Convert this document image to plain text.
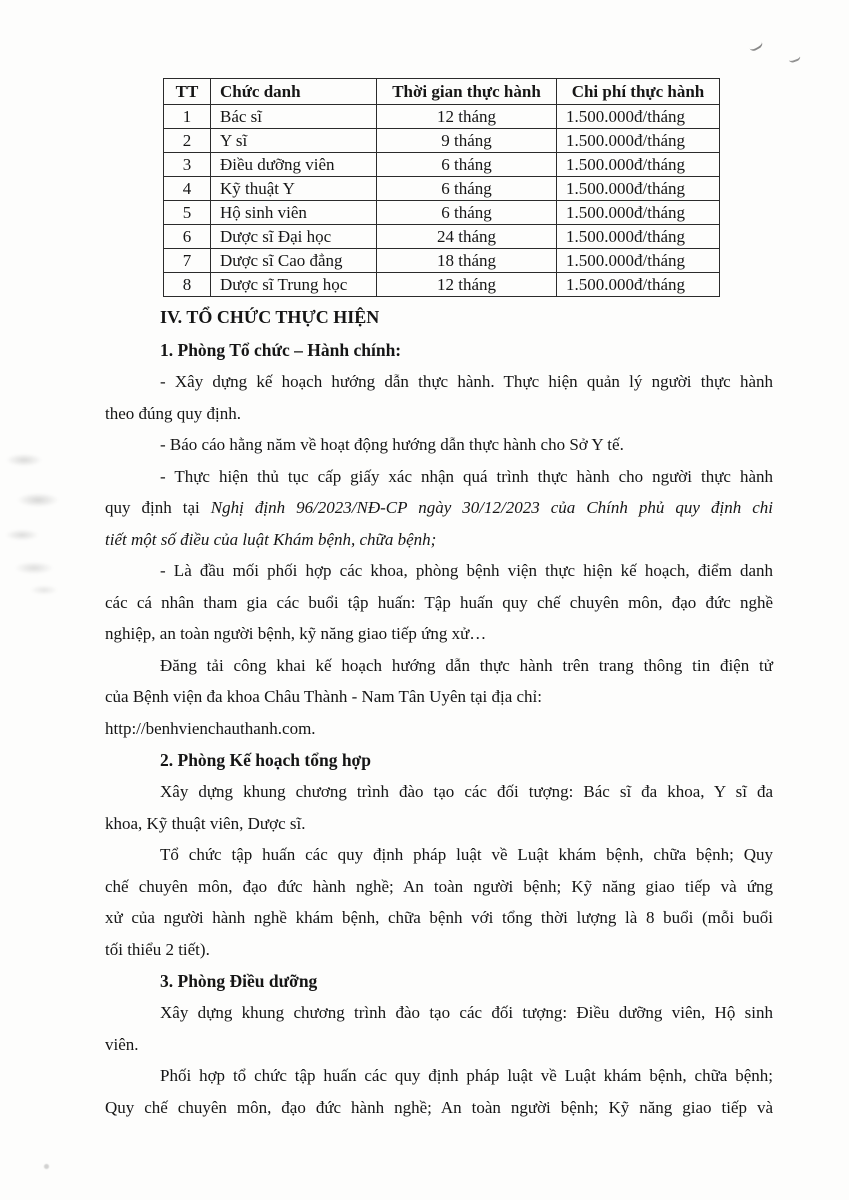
TT	Chức danh	Thời gian thực hành	Chi phí thực hành
1	Bác sĩ	12 tháng	1.500.000đ/tháng
2	Y sĩ	9 tháng	1.500.000đ/tháng
3	Điều dưỡng viên	6 tháng	1.500.000đ/tháng
4	Kỹ thuật Y	6 tháng	1.500.000đ/tháng
5	Hộ sinh viên	6 tháng	1.500.000đ/tháng
6	Dược sĩ Đại học	24 tháng	1.500.000đ/tháng
7	Dược sĩ Cao đẳng	18 tháng	1.500.000đ/tháng
8	Dược sĩ Trung học	12 tháng	1.500.000đ/tháng
IV. TỔ CHỨC THỰC HIỆN
1. Phòng Tổ chức – Hành chính:
- Xây dựng kế hoạch hướng dẫn thực hành. Thực hiện quản lý người thực hành
theo đúng quy định.
- Báo cáo hằng năm về hoạt động hướng dẫn thực hành cho Sở Y tế.
- Thực hiện thủ tục cấp giấy xác nhận quá trình thực hành cho người thực hành
quy định tại Nghị định 96/2023/NĐ-CP ngày 30/12/2023 của Chính phủ quy định chi
tiết một số điều của luật Khám bệnh, chữa bệnh;
- Là đầu mối phối hợp các khoa, phòng bệnh viện thực hiện kế hoạch, điểm danh
các cá nhân tham gia các buổi tập huấn: Tập huấn quy chế chuyên môn, đạo đức nghề
nghiệp, an toàn người bệnh, kỹ năng giao tiếp ứng xử…
Đăng tải công khai kế hoạch hướng dẫn thực hành trên trang thông tin điện tử
của Bệnh viện đa khoa Châu Thành - Nam Tân Uyên tại địa chỉ:
http://benhvienchauthanh.com.
2. Phòng Kế hoạch tổng hợp
Xây dựng khung chương trình đào tạo các đối tượng: Bác sĩ đa khoa, Y sĩ đa
khoa, Kỹ thuật viên, Dược sĩ.
Tổ chức tập huấn các quy định pháp luật về Luật khám bệnh, chữa bệnh; Quy
chế chuyên môn, đạo đức hành nghề; An toàn người bệnh; Kỹ năng giao tiếp và ứng
xử của người hành nghề khám bệnh, chữa bệnh với tổng thời lượng là 8 buổi (mỗi buổi
tối thiểu 2 tiết).
3. Phòng Điều dưỡng
Xây dựng khung chương trình đào tạo các đối tượng: Điều dưỡng viên, Hộ sinh
viên.
Phối hợp tổ chức tập huấn các quy định pháp luật về Luật khám bệnh, chữa bệnh;
Quy chế chuyên môn, đạo đức hành nghề; An toàn người bệnh; Kỹ năng giao tiếp và
